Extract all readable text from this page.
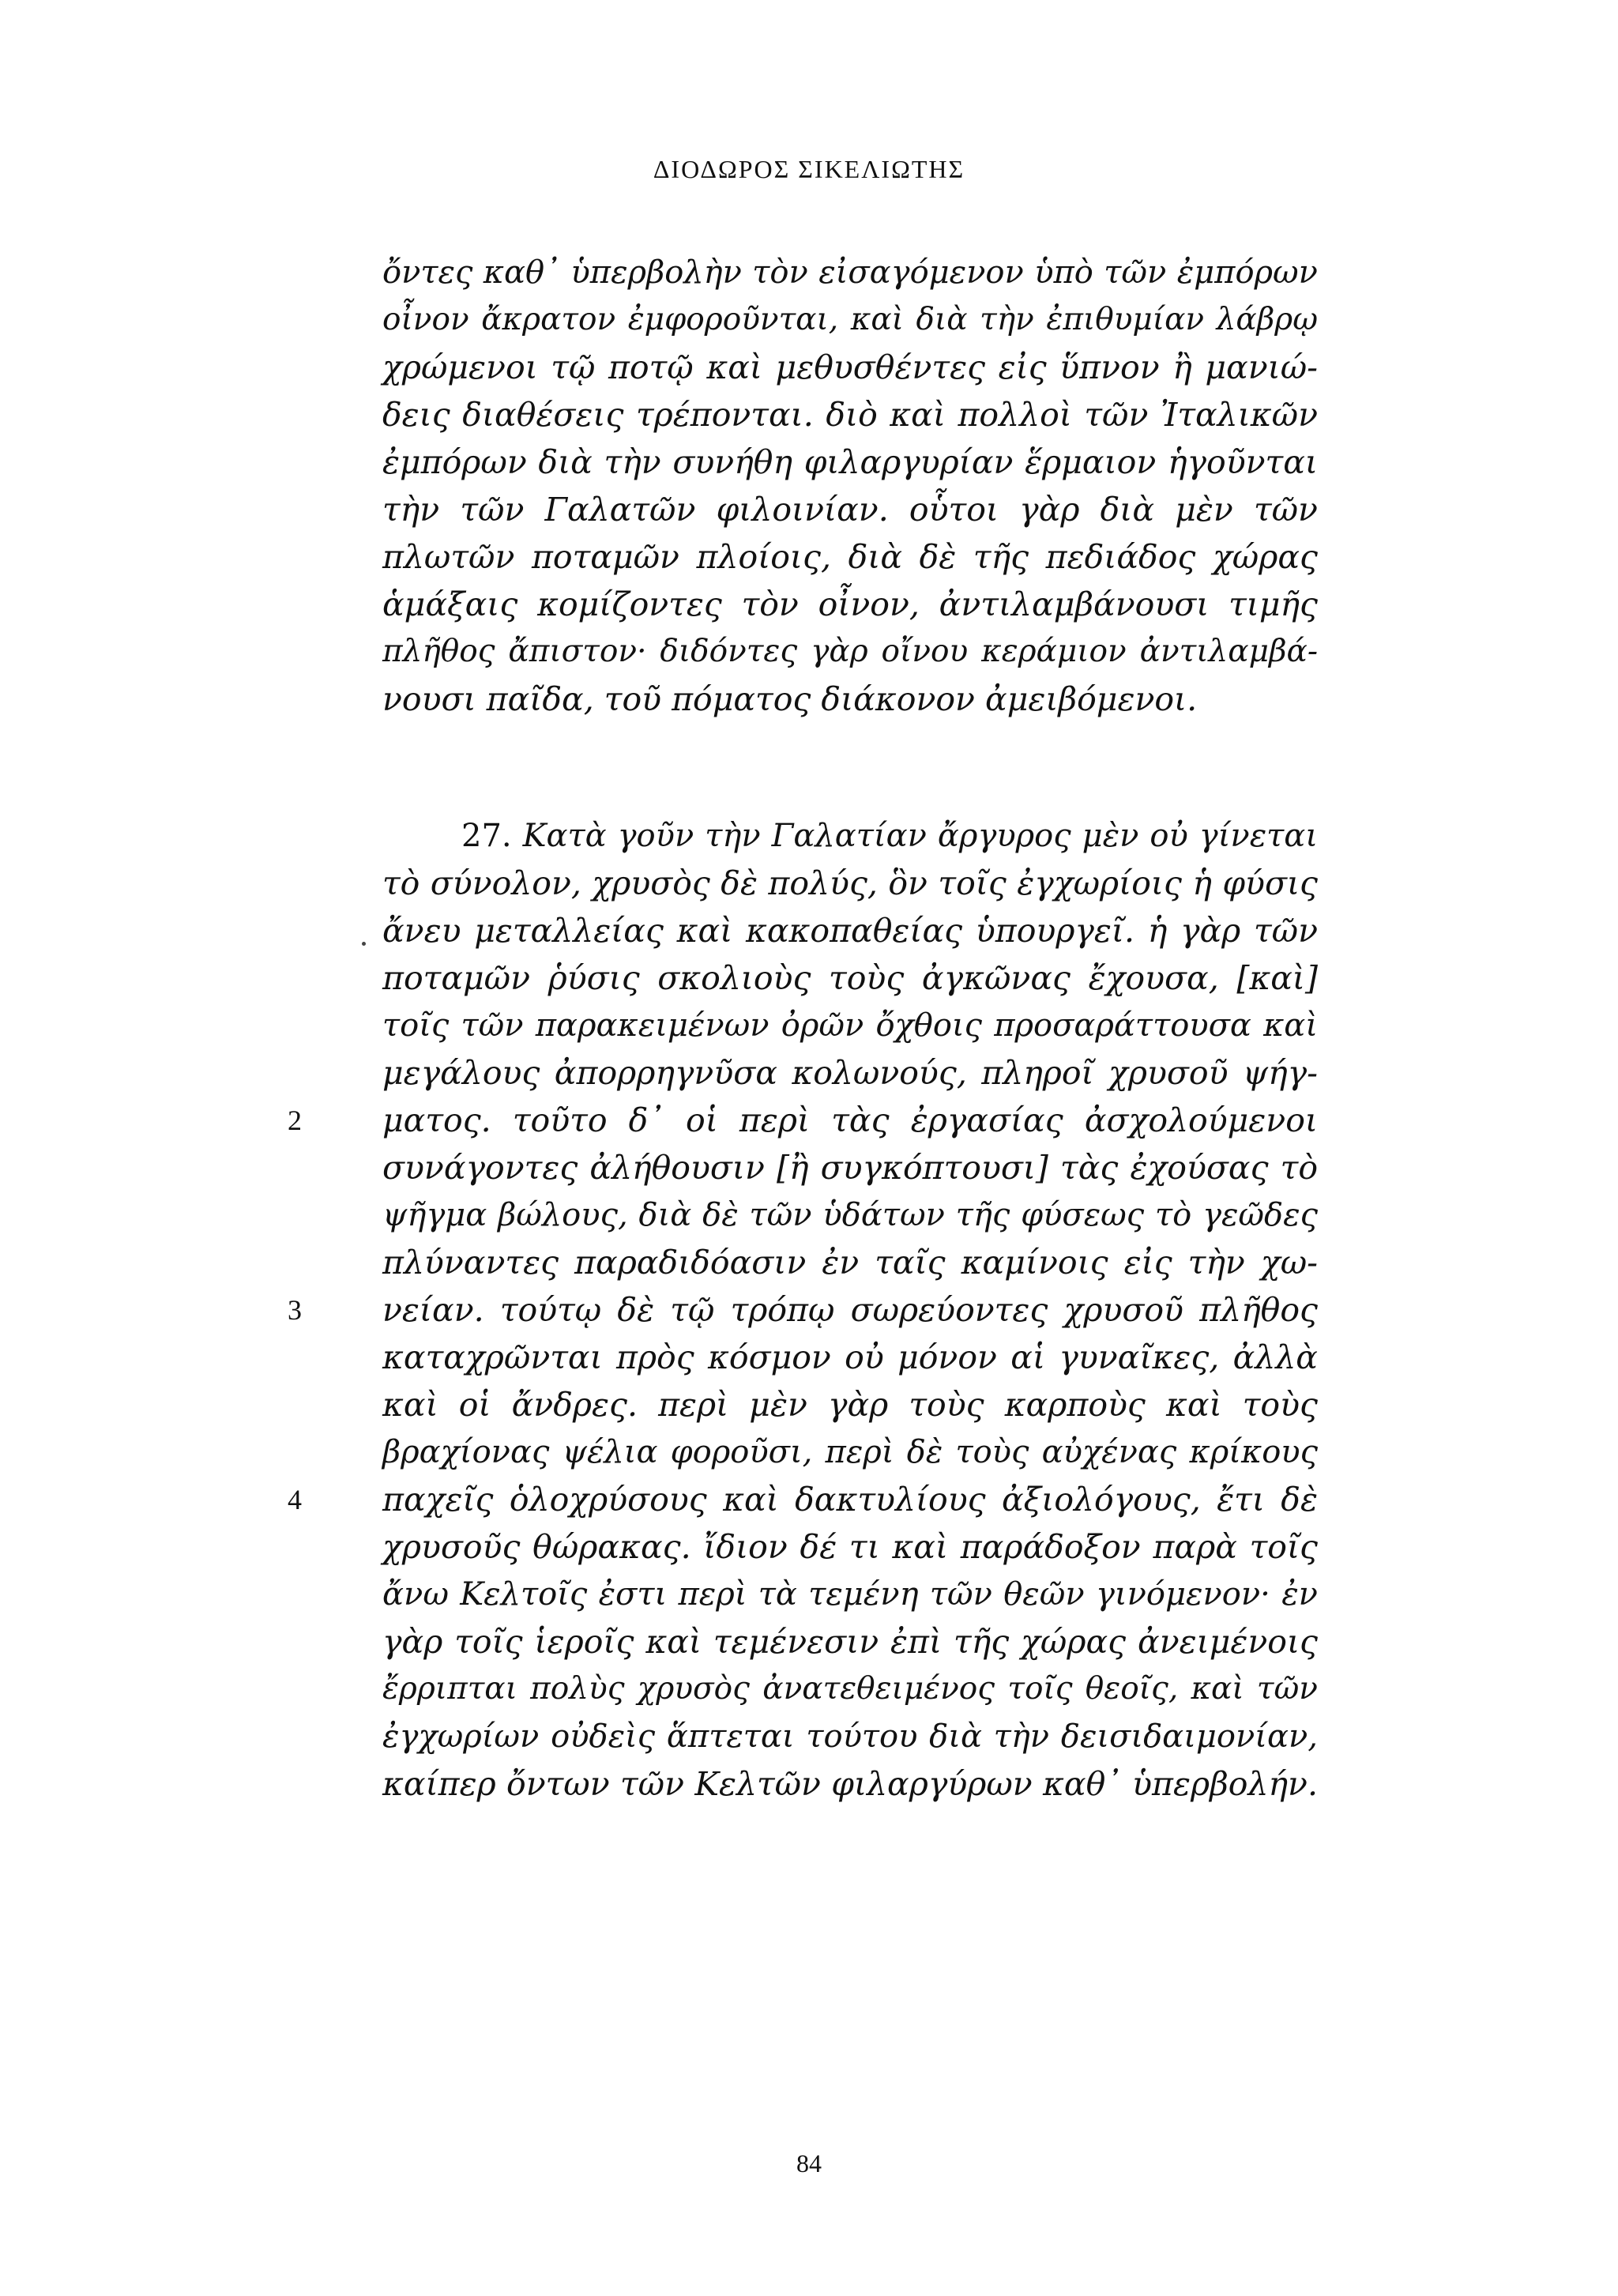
ΔΙΟΔΩΡΟΣ ΣΙΚΕΛΙΩΤΗΣ
ὄντες καθ᾿ ὑπερβολὴν τὸν εἰσαγόμενον ὑπὸ τῶν ἐμπόρων
οἶνον ἄκρατον ἐμφοροῦνται, καὶ διὰ τὴν ἐπιθυμίαν λάβρῳ
χρώμενοι τῷ ποτῷ καὶ μεθυσθέντες εἰς ὕπνον ἢ μανιώ-
δεις διαθέσεις τρέπονται. διὸ καὶ πολλοὶ τῶν Ἰταλικῶν
ἐμπόρων διὰ τὴν συνήθη φιλαργυρίαν ἕρμαιον ἡγοῦνται
τὴν τῶν Γαλατῶν φιλοινίαν. οὗτοι γὰρ διὰ μὲν τῶν
πλωτῶν ποταμῶν πλοίοις, διὰ δὲ τῆς πεδιάδος χώρας
ἁμάξαις κομίζοντες τὸν οἶνον, ἀντιλαμβάνουσι τιμῆς
πλῆθος ἄπιστον· διδόντες γὰρ οἴνου κεράμιον ἀντιλαμβά-
νουσι παῖδα, τοῦ πόματος διάκονον ἀμειβόμενοι.
27. Κατὰ γοῦν τὴν Γαλατίαν ἄργυρος μὲν οὐ γίνεται
τὸ σύνολον, χρυσὸς δὲ πολύς, ὃν τοῖς ἐγχωρίοις ἡ φύσις
ἄνευ μεταλλείας καὶ κακοπαθείας ὑπουργεῖ. ἡ γὰρ τῶν
ποταμῶν ῥύσις σκολιοὺς τοὺς ἀγκῶνας ἔχουσα, [καὶ]
τοῖς τῶν παρακειμένων ὀρῶν ὄχθοις προσαράττουσα καὶ
μεγάλους ἀπορρηγνῦσα κολωνούς, πληροῖ χρυσοῦ ψήγ-
ματος. τοῦτο δ᾿ οἱ περὶ τὰς ἐργασίας ἀσχολούμενοι
συνάγοντες ἀλήθουσιν [ἢ συγκόπτουσι] τὰς ἐχούσας τὸ
ψῆγμα βώλους, διὰ δὲ τῶν ὑδάτων τῆς φύσεως τὸ γεῶδες
πλύναντες παραδιδόασιν ἐν ταῖς καμίνοις εἰς τὴν χω-
νείαν. τούτῳ δὲ τῷ τρόπῳ σωρεύοντες χρυσοῦ πλῆθος
καταχρῶνται πρὸς κόσμον οὐ μόνον αἱ γυναῖκες, ἀλλὰ
καὶ οἱ ἄνδρες. περὶ μὲν γὰρ τοὺς καρποὺς καὶ τοὺς
βραχίονας ψέλια φοροῦσι, περὶ δὲ τοὺς αὐχένας κρίκους
παχεῖς ὁλοχρύσους καὶ δακτυλίους ἀξιολόγους, ἔτι δὲ
χρυσοῦς θώρακας. ἴδιον δέ τι καὶ παράδοξον παρὰ τοῖς
ἄνω Κελτοῖς ἐστι περὶ τὰ τεμένη τῶν θεῶν γινόμενον· ἐν
γὰρ τοῖς ἱεροῖς καὶ τεμένεσιν ἐπὶ τῆς χώρας ἀνειμένοις
ἔρριπται πολὺς χρυσὸς ἀνατεθειμένος τοῖς θεοῖς, καὶ τῶν
ἐγχωρίων οὐδεὶς ἅπτεται τούτου διὰ τὴν δεισιδαιμονίαν,
καίπερ ὄντων τῶν Κελτῶν φιλαργύρων καθ᾿ ὑπερβολήν.
2
3
4
84
